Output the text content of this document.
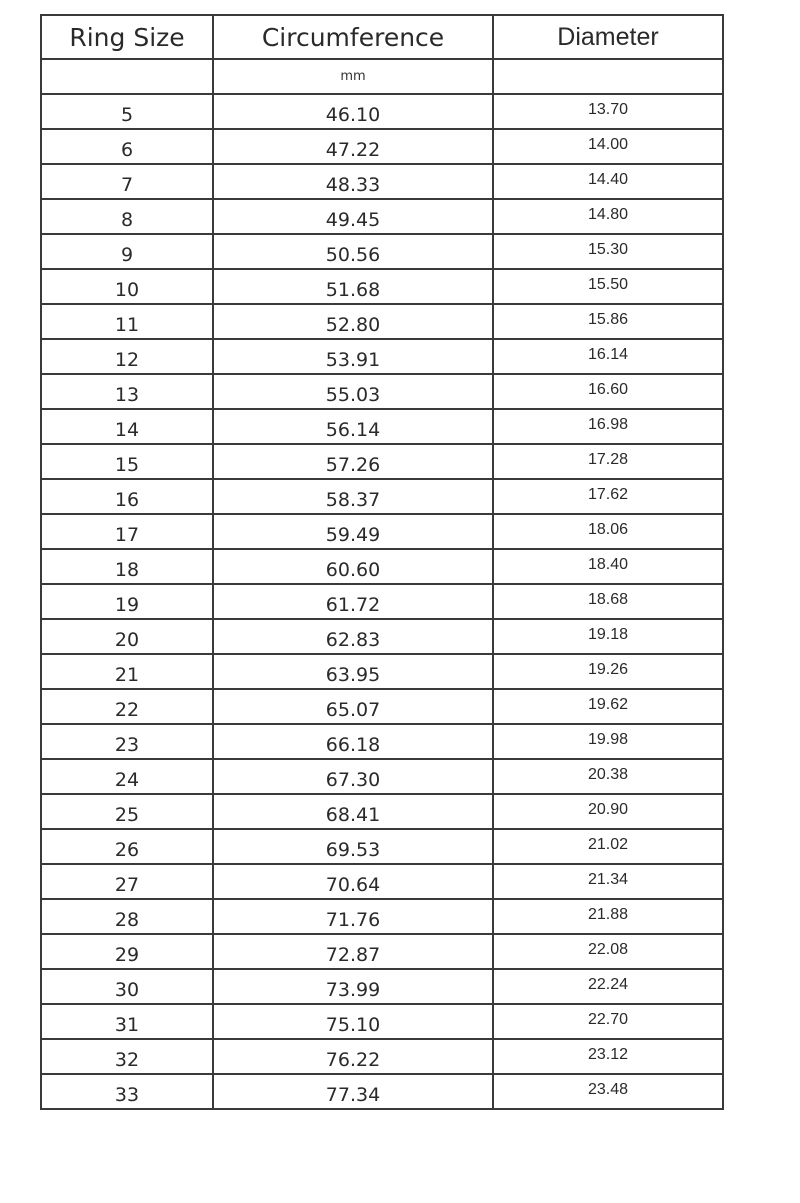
Ring Size	Circumference	Diameter
	mm	
5	46.10	13.70
6	47.22	14.00
7	48.33	14.40
8	49.45	14.80
9	50.56	15.30
10	51.68	15.50
11	52.80	15.86
12	53.91	16.14
13	55.03	16.60
14	56.14	16.98
15	57.26	17.28
16	58.37	17.62
17	59.49	18.06
18	60.60	18.40
19	61.72	18.68
20	62.83	19.18
21	63.95	19.26
22	65.07	19.62
23	66.18	19.98
24	67.30	20.38
25	68.41	20.90
26	69.53	21.02
27	70.64	21.34
28	71.76	21.88
29	72.87	22.08
30	73.99	22.24
31	75.10	22.70
32	76.22	23.12
33	77.34	23.48
